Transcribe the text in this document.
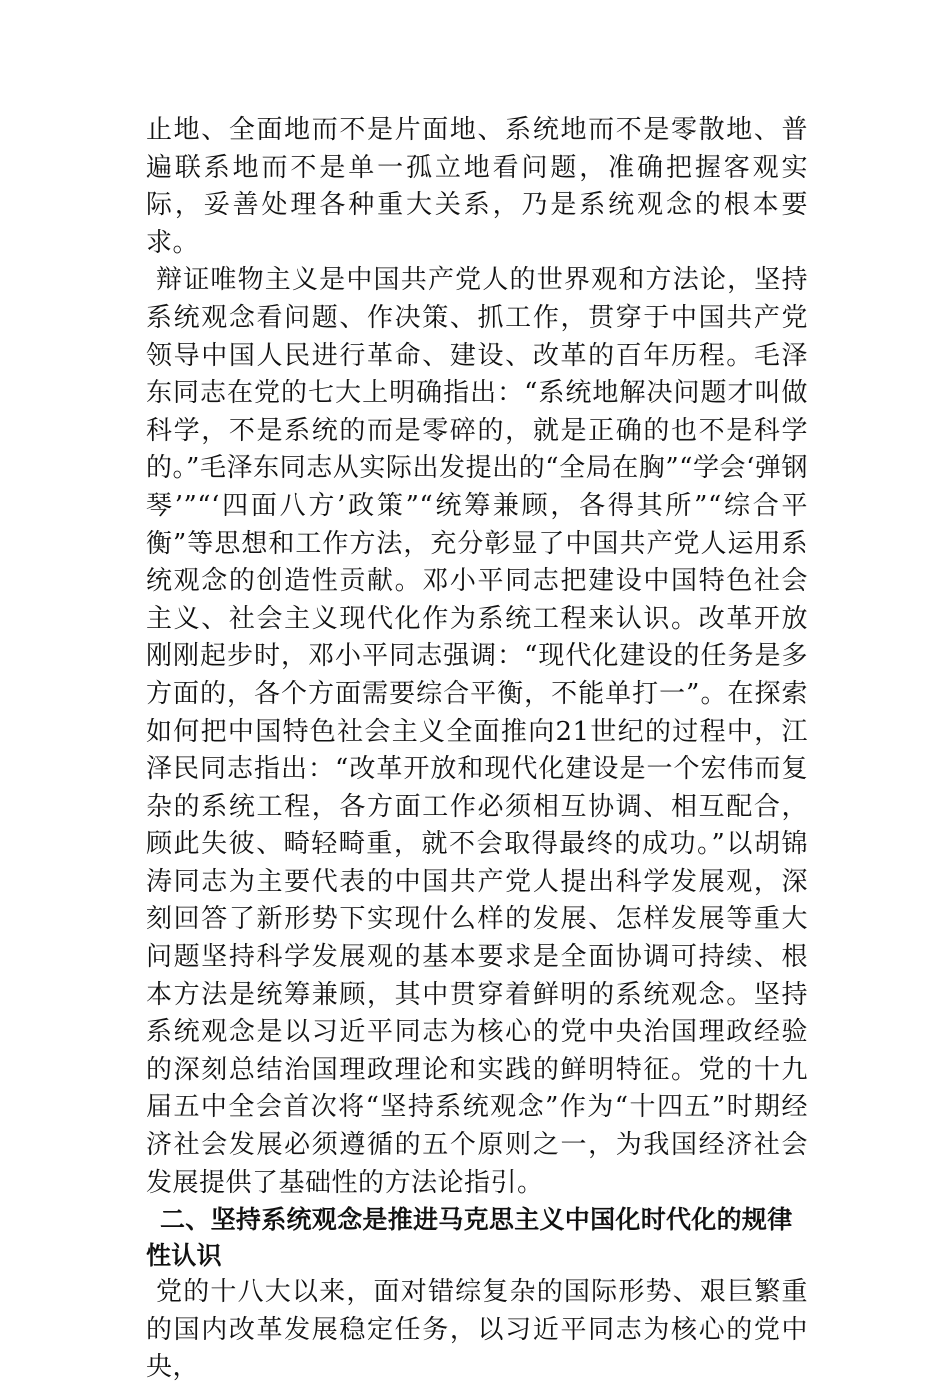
止地、全面地而不是片面地、系统地而不是零散地、普遍联系地而不是单一孤立地看问题，准确把握客观实际，妥善处理各种重大关系，乃是系统观念的根本要求。

辩证唯物主义是中国共产党人的世界观和方法论，坚持系统观念看问题、作决策、抓工作，贯穿于中国共产党领导中国人民进行革命、建设、改革的百年历程。毛泽东同志在党的七大上明确指出：“系统地解决问题才叫做科学，不是系统的而是零碎的，就是正确的也不是科学的。”毛泽东同志从实际出发提出的“全局在胸”“学会‘弹钢琴’”“‘四面八方’政策”“统筹兼顾，各得其所”“综合平衡”等思想和工作方法，充分彰显了中国共产党人运用系统观念的创造性贡献。邓小平同志把建设中国特色社会主义、社会主义现代化作为系统工程来认识。改革开放刚刚起步时，邓小平同志强调：“现代化建设的任务是多方面的，各个方面需要综合平衡，不能单打一”。在探索如何把中国特色社会主义全面推向21世纪的过程中，江泽民同志指出：“改革开放和现代化建设是一个宏伟而复杂的系统工程，各方面工作必须相互协调、相互配合，顾此失彼、畸轻畸重，就不会取得最终的成功。”以胡锦涛同志为主要代表的中国共产党人提出科学发展观，深刻回答了新形势下实现什么样的发展、怎样发展等重大问题坚持科学发展观的基本要求是全面协调可持续、根本方法是统筹兼顾，其中贯穿着鲜明的系统观念。坚持系统观念是以习近平同志为核心的党中央治国理政经验的深刻总结治国理政理论和实践的鲜明特征。党的十九届五中全会首次将“坚持系统观念”作为“十四五”时期经济社会发展必须遵循的五个原则之一，为我国经济社会发展提供了基础性的方法论指引。

二、坚持系统观念是推进马克思主义中国化时代化的规律性认识

党的十八大以来，面对错综复杂的国际形势、艰巨繁重的国内改革发展稳定任务，以习近平同志为核心的党中央，
